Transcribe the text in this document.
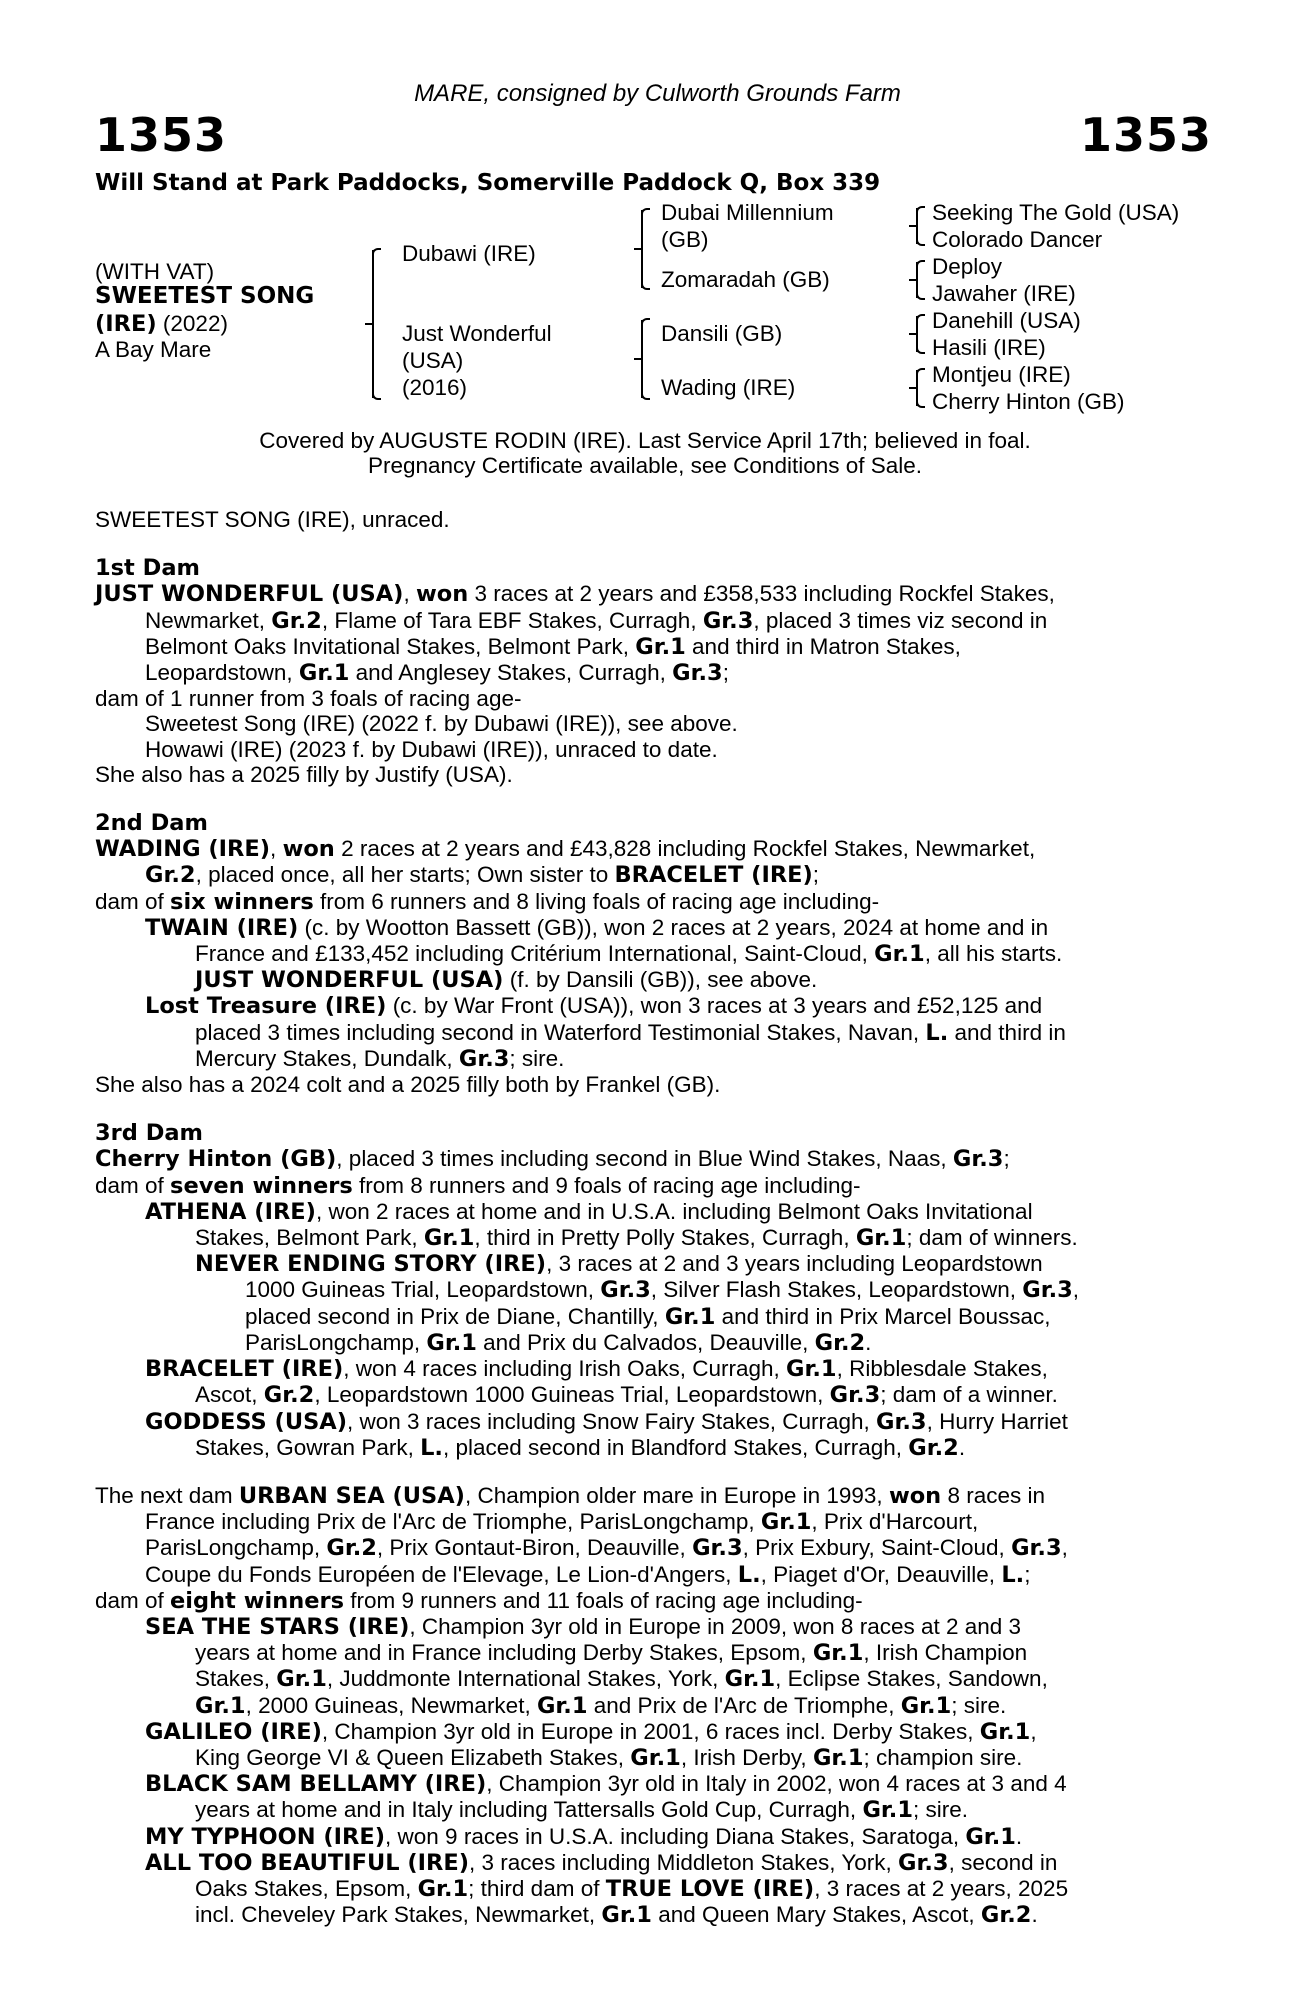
MARE, consigned by Culworth Grounds Farm
1353	1353
Will Stand at Park Paddocks, Somerville Paddock Q, Box 339
(WITH VAT)
SWEETEST SONG
(IRE) (2022)
A Bay Mare
Dubawi (IRE)
Just Wonderful
(USA)
(2016)
Dubai Millennium
(GB)
Zomaradah (GB)
Dansili (GB)
Wading (IRE)
Seeking The Gold (USA)
Colorado Dancer
Deploy
Jawaher (IRE)
Danehill (USA)
Hasili (IRE)
Montjeu (IRE)
Cherry Hinton (GB)
Covered by AUGUSTE RODIN (IRE). Last Service April 17th; believed in foal.
Pregnancy Certificate available, see Conditions of Sale.

SWEETEST SONG (IRE), unraced.

1st Dam

JUST WONDERFUL (USA), won 3 races at 2 years and £358,533 including Rockfel Stakes,

Newmarket, Gr.2, Flame of Tara EBF Stakes, Curragh, Gr.3, placed 3 times viz second in

Belmont Oaks Invitational Stakes, Belmont Park, Gr.1 and third in Matron Stakes,

Leopardstown, Gr.1 and Anglesey Stakes, Curragh, Gr.3;

dam of 1 runner from 3 foals of racing age-

Sweetest Song (IRE) (2022 f. by Dubawi (IRE)), see above.

Howawi (IRE) (2023 f. by Dubawi (IRE)), unraced to date.

She also has a 2025 filly by Justify (USA).

2nd Dam

WADING (IRE), won 2 races at 2 years and £43,828 including Rockfel Stakes, Newmarket,

Gr.2, placed once, all her starts; Own sister to BRACELET (IRE);

dam of six winners from 6 runners and 8 living foals of racing age including-

TWAIN (IRE) (c. by Wootton Bassett (GB)), won 2 races at 2 years, 2024 at home and in

France and £133,452 including Critérium International, Saint-Cloud, Gr.1, all his starts.

JUST WONDERFUL (USA) (f. by Dansili (GB)), see above.

Lost Treasure (IRE) (c. by War Front (USA)), won 3 races at 3 years and £52,125 and

placed 3 times including second in Waterford Testimonial Stakes, Navan, L. and third in

Mercury Stakes, Dundalk, Gr.3; sire.

She also has a 2024 colt and a 2025 filly both by Frankel (GB).

3rd Dam

Cherry Hinton (GB), placed 3 times including second in Blue Wind Stakes, Naas, Gr.3;

dam of seven winners from 8 runners and 9 foals of racing age including-

ATHENA (IRE), won 2 races at home and in U.S.A. including Belmont Oaks Invitational

Stakes, Belmont Park, Gr.1, third in Pretty Polly Stakes, Curragh, Gr.1; dam of winners.

NEVER ENDING STORY (IRE), 3 races at 2 and 3 years including Leopardstown

1000 Guineas Trial, Leopardstown, Gr.3, Silver Flash Stakes, Leopardstown, Gr.3,

placed second in Prix de Diane, Chantilly, Gr.1 and third in Prix Marcel Boussac,

ParisLongchamp, Gr.1 and Prix du Calvados, Deauville, Gr.2.

BRACELET (IRE), won 4 races including Irish Oaks, Curragh, Gr.1, Ribblesdale Stakes,

Ascot, Gr.2, Leopardstown 1000 Guineas Trial, Leopardstown, Gr.3; dam of a winner.

GODDESS (USA), won 3 races including Snow Fairy Stakes, Curragh, Gr.3, Hurry Harriet

Stakes, Gowran Park, L., placed second in Blandford Stakes, Curragh, Gr.2.

The next dam URBAN SEA (USA), Champion older mare in Europe in 1993, won 8 races in

France including Prix de l'Arc de Triomphe, ParisLongchamp, Gr.1, Prix d'Harcourt,

ParisLongchamp, Gr.2, Prix Gontaut-Biron, Deauville, Gr.3, Prix Exbury, Saint-Cloud, Gr.3,

Coupe du Fonds Européen de l'Elevage, Le Lion-d'Angers, L., Piaget d'Or, Deauville, L.;

dam of eight winners from 9 runners and 11 foals of racing age including-

SEA THE STARS (IRE), Champion 3yr old in Europe in 2009, won 8 races at 2 and 3

years at home and in France including Derby Stakes, Epsom, Gr.1, Irish Champion

Stakes, Gr.1, Juddmonte International Stakes, York, Gr.1, Eclipse Stakes, Sandown,

Gr.1, 2000 Guineas, Newmarket, Gr.1 and Prix de l'Arc de Triomphe, Gr.1; sire.

GALILEO (IRE), Champion 3yr old in Europe in 2001, 6 races incl. Derby Stakes, Gr.1,

King George VI & Queen Elizabeth Stakes, Gr.1, Irish Derby, Gr.1; champion sire.

BLACK SAM BELLAMY (IRE), Champion 3yr old in Italy in 2002, won 4 races at 3 and 4

years at home and in Italy including Tattersalls Gold Cup, Curragh, Gr.1; sire.

MY TYPHOON (IRE), won 9 races in U.S.A. including Diana Stakes, Saratoga, Gr.1.

ALL TOO BEAUTIFUL (IRE), 3 races including Middleton Stakes, York, Gr.3, second in

Oaks Stakes, Epsom, Gr.1; third dam of TRUE LOVE (IRE), 3 races at 2 years, 2025

incl. Cheveley Park Stakes, Newmarket, Gr.1 and Queen Mary Stakes, Ascot, Gr.2.
